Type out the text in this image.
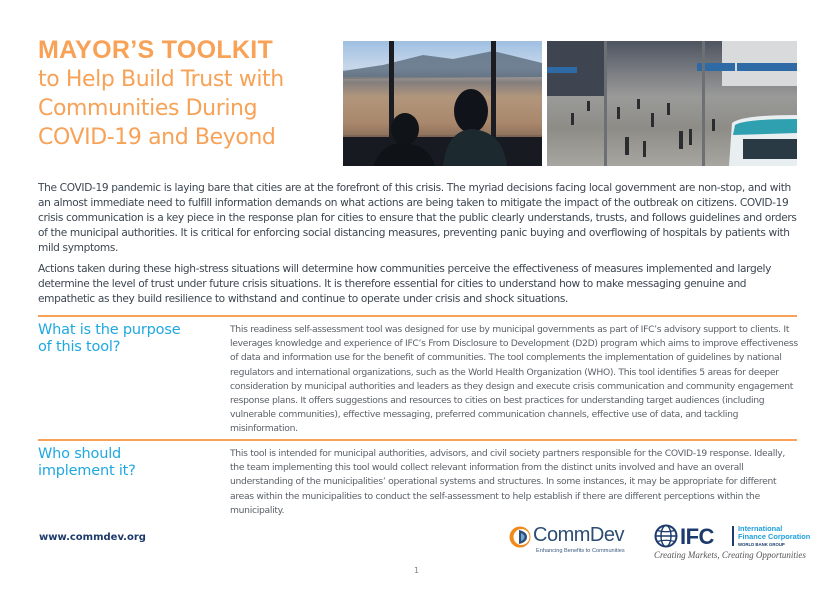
MAYOR’S TOOLKIT
to Help Build Trust with
Communities During
COVID-19 and Beyond

The COVID-19 pandemic is laying bare that cities are at the forefront of this crisis. The myriad decisions facing local government are non-stop, and with an almost immediate need to fulfill information demands on what actions are being taken to mitigate the impact of the outbreak on citizens. COVID-19 crisis communication is a key piece in the response plan for cities to ensure that the public clearly understands, trusts, and follows guidelines and orders of the municipal authorities. It is critical for enforcing social distancing measures, preventing panic buying and overflowing of hospitals by patients with mild symptoms.

Actions taken during these high-stress situations will determine how communities perceive the effectiveness of measures implemented and largely determine the level of trust under future crisis situations. It is therefore essential for cities to understand how to make messaging genuine and empathetic as they build resilience to withstand and continue to operate under crisis and shock situations.

What is the purpose
of this tool?
This readiness self-assessment tool was designed for use by municipal governments as part of IFC’s advisory support to clients. It leverages knowledge and experience of IFC’s From Disclosure to Development (D2D) program which aims to improve effectiveness of data and information use for the benefit of communities. The tool complements the implementation of guidelines by national regulators and international organizations, such as the World Health Organization (WHO). This tool identifies 5 areas for deeper consideration by municipal authorities and leaders as they design and execute crisis communication and community engagement response plans. It offers suggestions and resources to cities on best practices for understanding target audiences (including vulnerable communities), effective messaging, preferred communication channels, effective use of data, and tackling misinformation.
Who should
implement it?
This tool is intended for municipal authorities, advisors, and civil society partners responsible for the COVID-19 response. Ideally, the team implementing this tool would collect relevant information from the distinct units involved and have an overall understanding of the municipalities’ operational systems and structures. In some instances, it may be appropriate for different areas within the municipalities to conduct the self-assessment to help establish if there are different perceptions within the municipality.
www.commdev.org	CommDev
Enhancing Benefits to Communities
IFC	International
Finance Corporation
WORLD BANK GROUP
Creating Markets, Creating Opportunities
1
